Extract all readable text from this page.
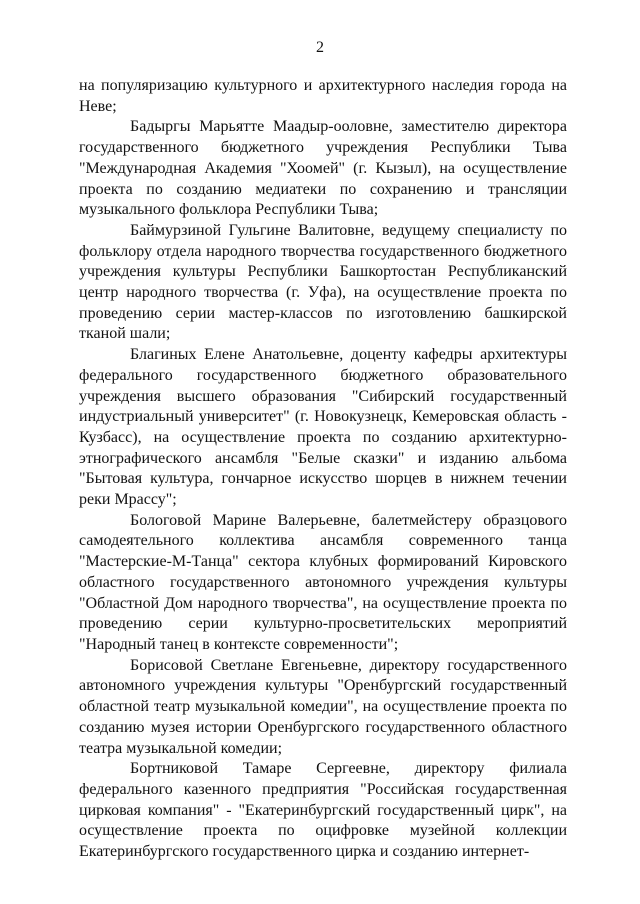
2

на популяризацию культурного и архитектурного наследия города на Неве;

Бадыргы Марьятте Маадыр-ооловне, заместителю директора государственного бюджетного учреждения Республики Тыва "Международная Академия "Хоомей" (г. Кызыл), на осуществление проекта по созданию медиатеки по сохранению и трансляции музыкального фольклора Республики Тыва;

Баймурзиной Гульгине Валитовне, ведущему специалисту по фольклору отдела народного творчества государственного бюджетного учреждения культуры Республики Башкортостан Республиканский центр народного творчества (г. Уфа), на осуществление проекта по проведению серии мастер-классов по изготовлению башкирской тканой шали;

Благиных Елене Анатольевне, доценту кафедры архитектуры федерального государственного бюджетного образовательного учреждения высшего образования "Сибирский государственный индустриальный университет" (г. Новокузнецк, Кемеровская область - Кузбасс), на осуществление проекта по созданию архитектурно-этнографического ансамбля "Белые сказки" и изданию альбома "Бытовая культура, гончарное искусство шорцев в нижнем течении реки Мрассу";

Бологовой Марине Валерьевне, балетмейстеру образцового самодеятельного коллектива ансамбля современного танца "Мастерские-М-Танца" сектора клубных формирований Кировского областного государственного автономного учреждения культуры "Областной Дом народного творчества", на осуществление проекта по проведению серии культурно-просветительских мероприятий "Народный танец в контексте современности";

Борисовой Светлане Евгеньевне, директору государственного автономного учреждения культуры "Оренбургский государственный областной театр музыкальной комедии", на осуществление проекта по созданию музея истории Оренбургского государственного областного театра музыкальной комедии;

Бортниковой Тамаре Сергеевне, директору филиала федерального казенного предприятия "Российская государственная цирковая компания" - "Екатеринбургский государственный цирк", на осуществление проекта по оцифровке музейной коллекции Екатеринбургского государственного цирка и созданию интернет-
